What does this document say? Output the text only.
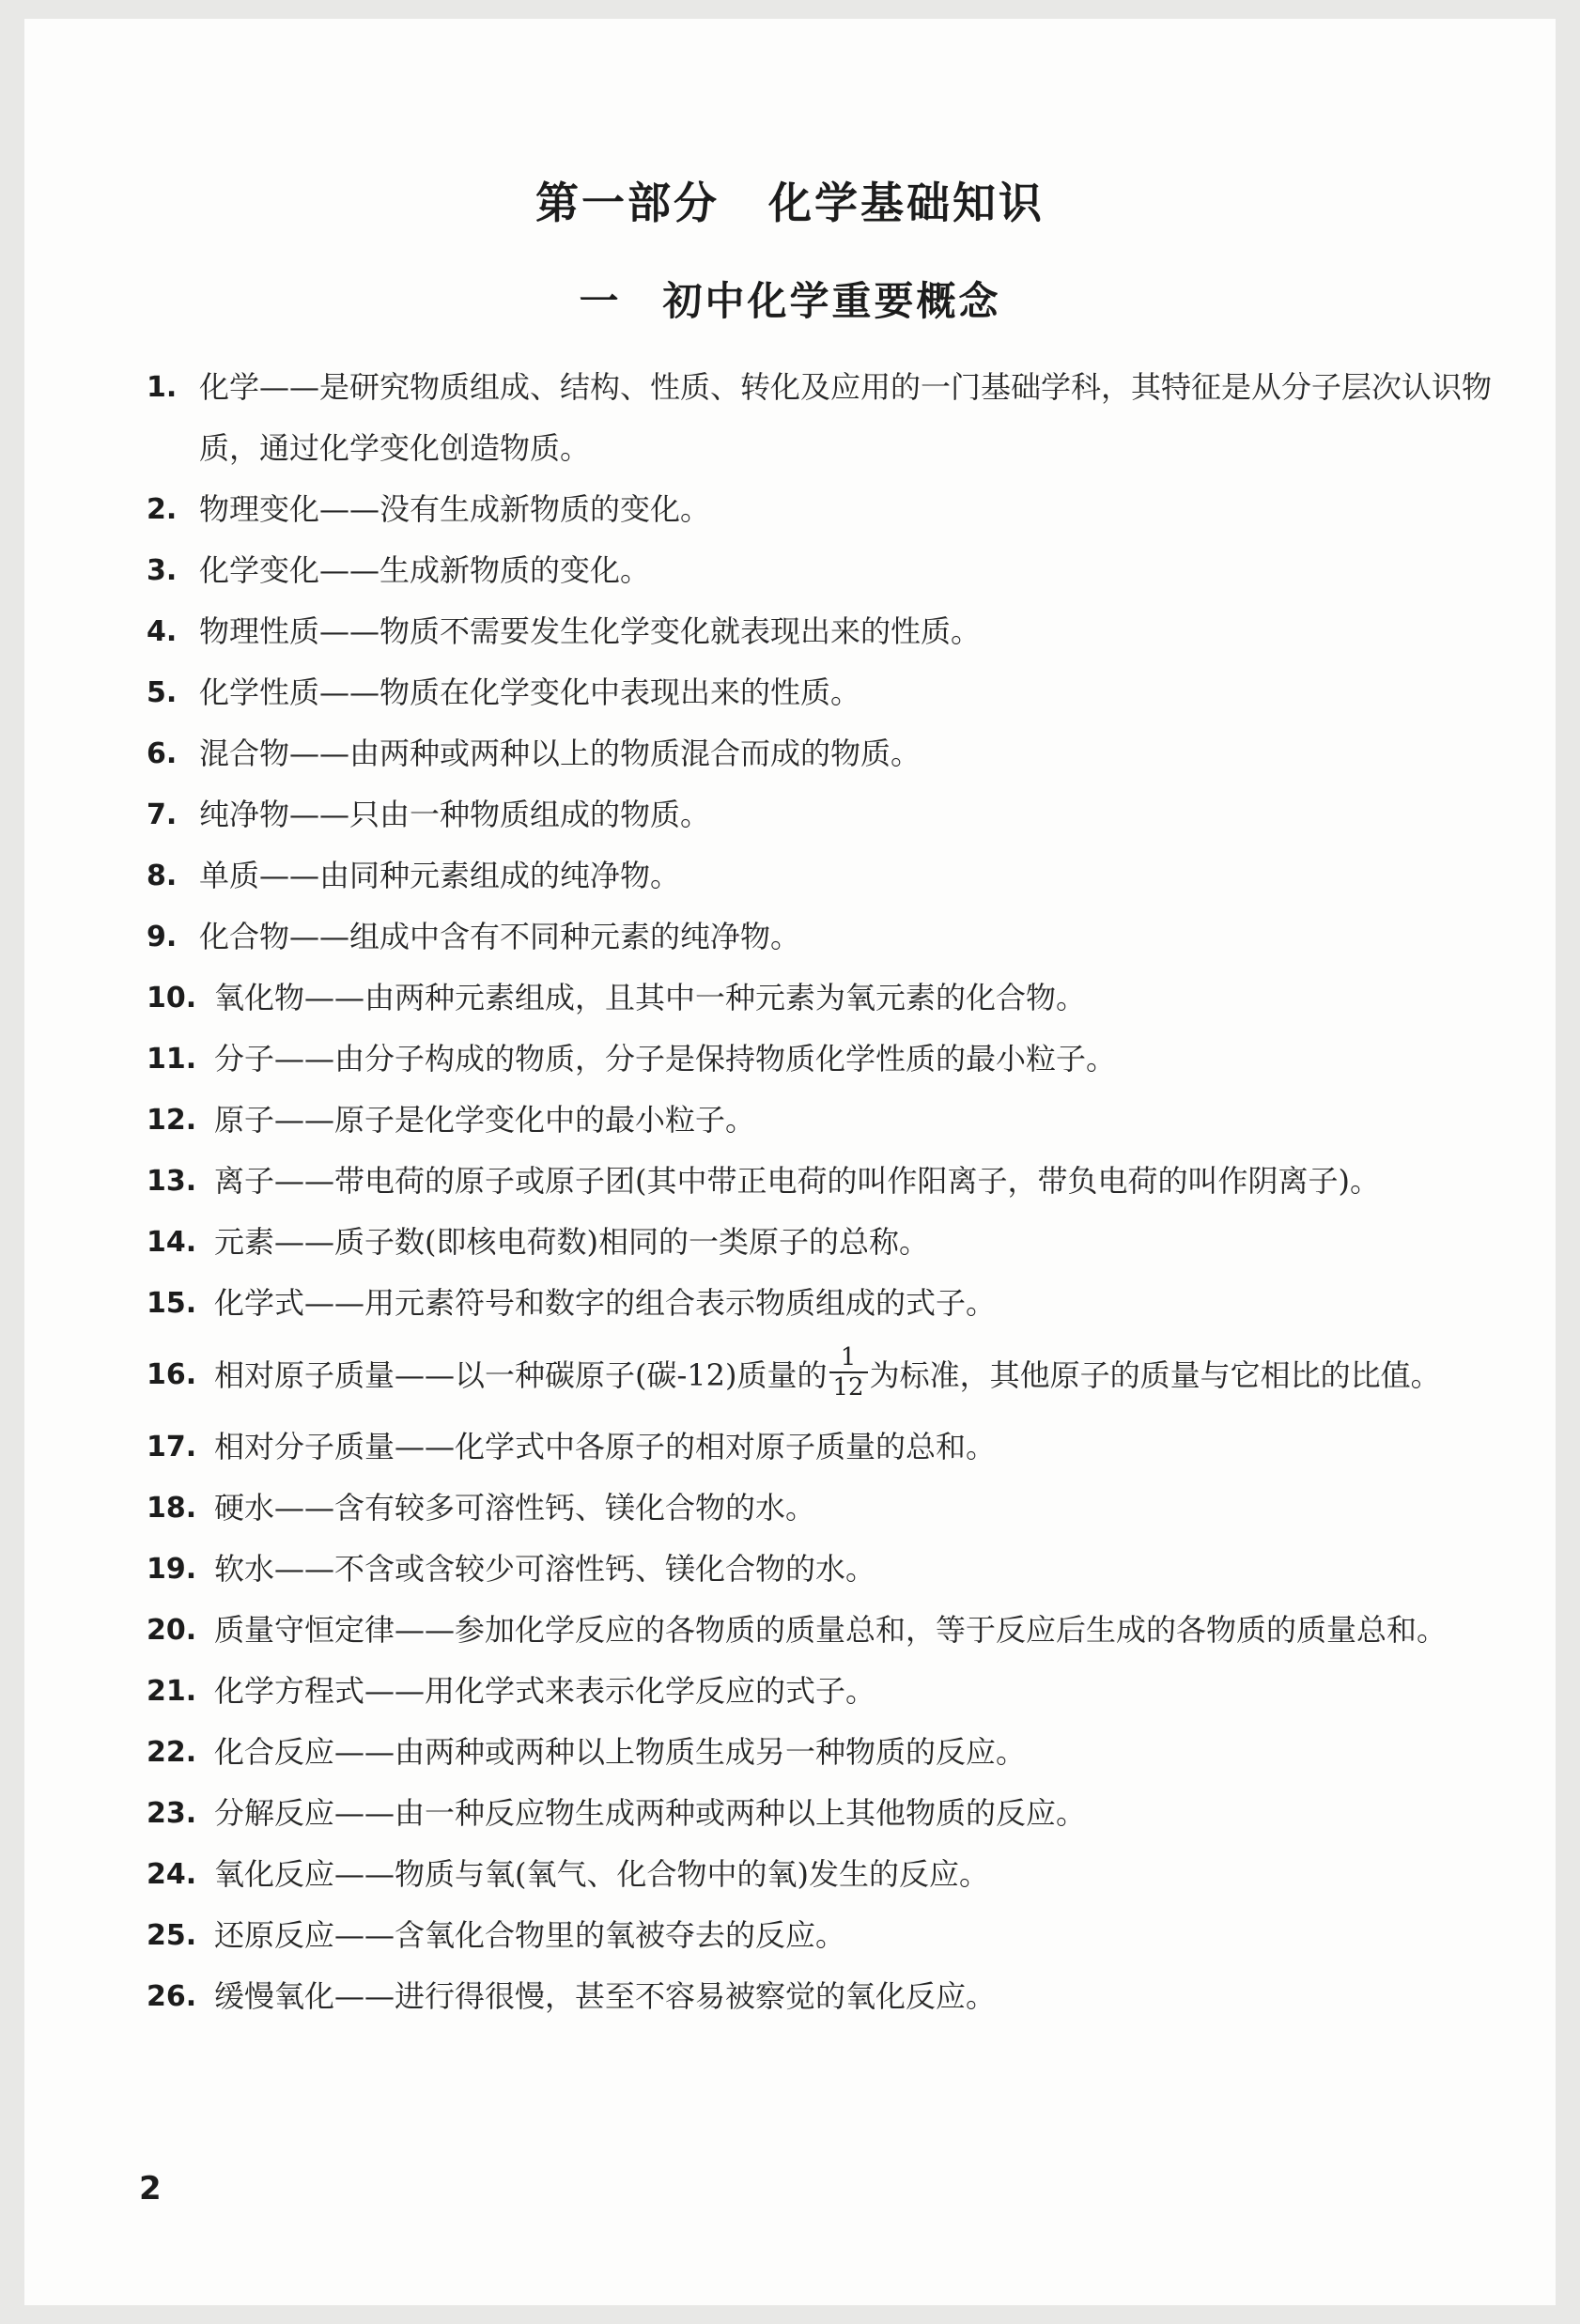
第一部分 化学基础知识
一 初中化学重要概念
1. 化学——是研究物质组成、结构、性质、转化及应用的一门基础学科，其特征是从分子层次认识物质，通过化学变化创造物质。
2. 物理变化——没有生成新物质的变化。
3. 化学变化——生成新物质的变化。
4. 物理性质——物质不需要发生化学变化就表现出来的性质。
5. 化学性质——物质在化学变化中表现出来的性质。
6. 混合物——由两种或两种以上的物质混合而成的物质。
7. 纯净物——只由一种物质组成的物质。
8. 单质——由同种元素组成的纯净物。
9. 化合物——组成中含有不同种元素的纯净物。
10. 氧化物——由两种元素组成，且其中一种元素为氧元素的化合物。
11. 分子——由分子构成的物质，分子是保持物质化学性质的最小粒子。
12. 原子——原子是化学变化中的最小粒子。
13. 离子——带电荷的原子或原子团(其中带正电荷的叫作阳离子，带负电荷的叫作阴离子)。
14. 元素——质子数(即核电荷数)相同的一类原子的总称。
15. 化学式——用元素符号和数字的组合表示物质组成的式子。
16. 相对原子质量——以一种碳原子(碳-12)质量的 $\frac{1}{12}$ 为标准，其他原子的质量与它相比的比值。
17. 相对分子质量——化学式中各原子的相对原子质量的总和。
18. 硬水——含有较多可溶性钙、镁化合物的水。
19. 软水——不含或含较少可溶性钙、镁化合物的水。
20. 质量守恒定律——参加化学反应的各物质的质量总和，等于反应后生成的各物质的质量总和。
21. 化学方程式——用化学式来表示化学反应的式子。
22. 化合反应——由两种或两种以上物质生成另一种物质的反应。
23. 分解反应——由一种反应物生成两种或两种以上其他物质的反应。
24. 氧化反应——物质与氧(氧气、化合物中的氧)发生的反应。
25. 还原反应——含氧化合物里的氧被夺去的反应。
26. 缓慢氧化——进行得很慢，甚至不容易被察觉的氧化反应。
2
